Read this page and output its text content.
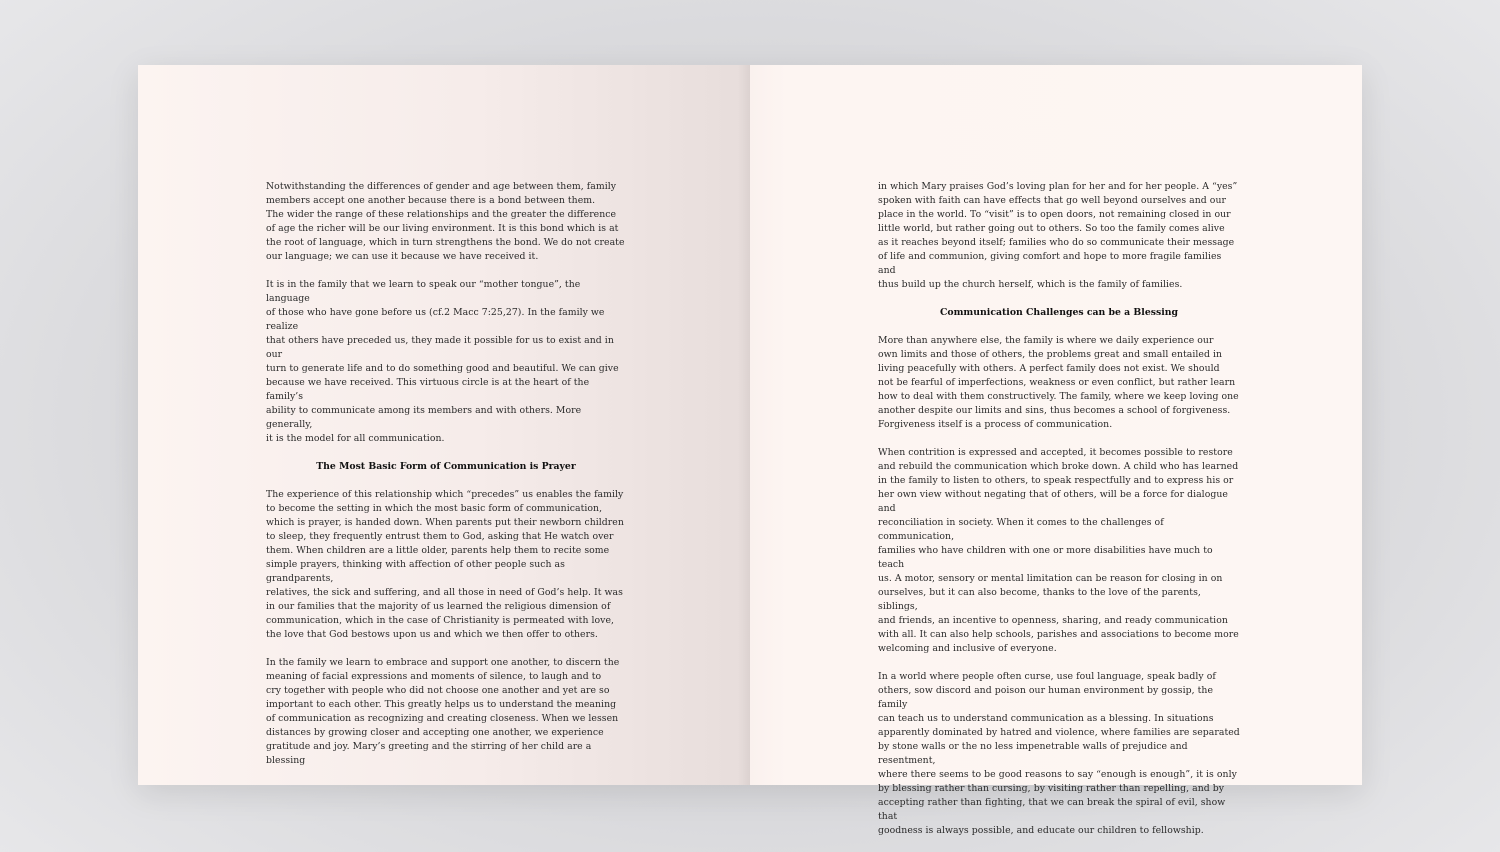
Notwithstanding the differences of gender and age between them, family
members accept one another because there is a bond between them.
The wider the range of these relationships and the greater the difference
of age the richer will be our living environment. It is this bond which is at
the root of language, which in turn strengthens the bond. We do not create
our language; we can use it because we have received it.

It is in the family that we learn to speak our “mother tongue”, the language
of those who have gone before us (cf.2 Macc 7:25,27). In the family we realize
that others have preceded us, they made it possible for us to exist and in our
turn to generate life and to do something good and beautiful. We can give
because we have received. This virtuous circle is at the heart of the family’s
ability to communicate among its members and with others. More generally,
it is the model for all communication.

The Most Basic Form of Communication is Prayer

The experience of this relationship which “precedes” us enables the family
to become the setting in which the most basic form of communication,
which is prayer, is handed down. When parents put their newborn children
to sleep, they frequently entrust them to God, asking that He watch over
them. When children are a little older, parents help them to recite some
simple prayers, thinking with affection of other people such as grandparents,
relatives, the sick and suffering, and all those in need of God’s help. It was
in our families that the majority of us learned the religious dimension of
communication, which in the case of Christianity is permeated with love,
the love that God bestows upon us and which we then offer to others.

In the family we learn to embrace and support one another, to discern the
meaning of facial expressions and moments of silence, to laugh and to
cry together with people who did not choose one another and yet are so
important to each other. This greatly helps us to understand the meaning
of communication as recognizing and creating closeness. When we lessen
distances by growing closer and accepting one another, we experience
gratitude and joy. Mary’s greeting and the stirring of her child are a blessing

in which Mary praises God’s loving plan for her and for her people. A “yes”
spoken with faith can have effects that go well beyond ourselves and our
place in the world. To “visit” is to open doors, not remaining closed in our
little world, but rather going out to others. So too the family comes alive
as it reaches beyond itself; families who do so communicate their message
of life and communion, giving comfort and hope to more fragile families and
thus build up the church herself, which is the family of families.

Communication Challenges can be a Blessing

More than anywhere else, the family is where we daily experience our
own limits and those of others, the problems great and small entailed in
living peacefully with others. A perfect family does not exist. We should
not be fearful of imperfections, weakness or even conflict, but rather learn
how to deal with them constructively. The family, where we keep loving one
another despite our limits and sins, thus becomes a school of forgiveness.
Forgiveness itself is a process of communication.

When contrition is expressed and accepted, it becomes possible to restore
and rebuild the communication which broke down. A child who has learned
in the family to listen to others, to speak respectfully and to express his or
her own view without negating that of others, will be a force for dialogue and
reconciliation in society. When it comes to the challenges of communication,
families who have children with one or more disabilities have much to teach
us. A motor, sensory or mental limitation can be reason for closing in on
ourselves, but it can also become, thanks to the love of the parents, siblings,
and friends, an incentive to openness, sharing, and ready communication
with all. It can also help schools, parishes and associations to become more
welcoming and inclusive of everyone.

In a world where people often curse, use foul language, speak badly of
others, sow discord and poison our human environment by gossip, the family
can teach us to understand communication as a blessing. In situations
apparently dominated by hatred and violence, where families are separated
by stone walls or the no less impenetrable walls of prejudice and resentment,
where there seems to be good reasons to say “enough is enough”, it is only
by blessing rather than cursing, by visiting rather than repelling, and by
accepting rather than fighting, that we can break the spiral of evil, show that
goodness is always possible, and educate our children to fellowship.
